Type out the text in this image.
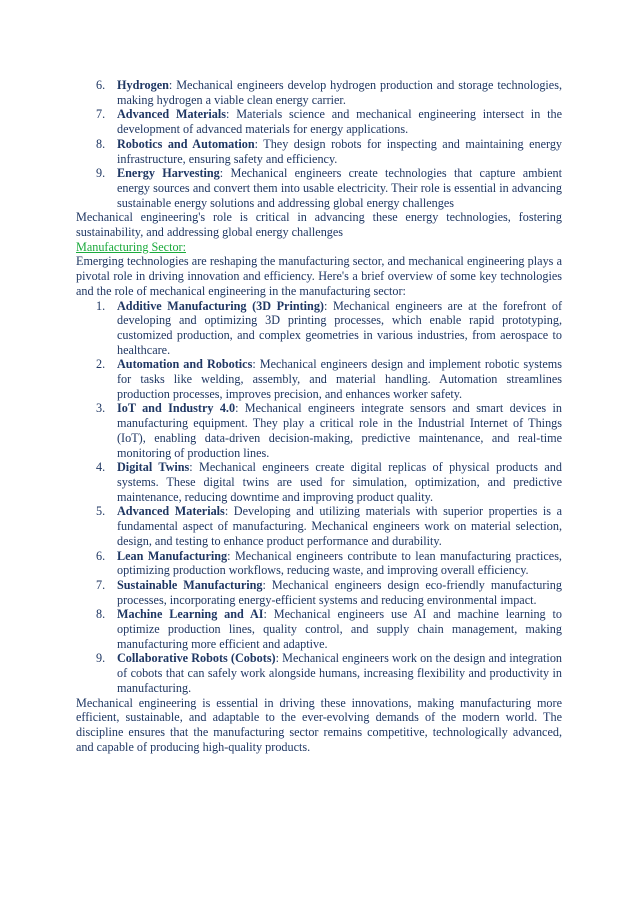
6. Hydrogen: Mechanical engineers develop hydrogen production and storage technologies, making hydrogen a viable clean energy carrier.
7. Advanced Materials: Materials science and mechanical engineering intersect in the development of advanced materials for energy applications.
8. Robotics and Automation: They design robots for inspecting and maintaining energy infrastructure, ensuring safety and efficiency.
9. Energy Harvesting: Mechanical engineers create technologies that capture ambient energy sources and convert them into usable electricity. Their role is essential in advancing sustainable energy solutions and addressing global energy challenges

Mechanical engineering's role is critical in advancing these energy technologies, fostering sustainability, and addressing global energy challenges

Manufacturing Sector:

Emerging technologies are reshaping the manufacturing sector, and mechanical engineering plays a pivotal role in driving innovation and efficiency. Here's a brief overview of some key technologies and the role of mechanical engineering in the manufacturing sector:

1. Additive Manufacturing (3D Printing): Mechanical engineers are at the forefront of developing and optimizing 3D printing processes, which enable rapid prototyping, customized production, and complex geometries in various industries, from aerospace to healthcare.
2. Automation and Robotics: Mechanical engineers design and implement robotic systems for tasks like welding, assembly, and material handling. Automation streamlines production processes, improves precision, and enhances worker safety.
3. IoT and Industry 4.0: Mechanical engineers integrate sensors and smart devices in manufacturing equipment. They play a critical role in the Industrial Internet of Things (IoT), enabling data-driven decision-making, predictive maintenance, and real-time monitoring of production lines.
4. Digital Twins: Mechanical engineers create digital replicas of physical products and systems. These digital twins are used for simulation, optimization, and predictive maintenance, reducing downtime and improving product quality.
5. Advanced Materials: Developing and utilizing materials with superior properties is a fundamental aspect of manufacturing. Mechanical engineers work on material selection, design, and testing to enhance product performance and durability.
6. Lean Manufacturing: Mechanical engineers contribute to lean manufacturing practices, optimizing production workflows, reducing waste, and improving overall efficiency.
7. Sustainable Manufacturing: Mechanical engineers design eco-friendly manufacturing processes, incorporating energy-efficient systems and reducing environmental impact.
8. Machine Learning and AI: Mechanical engineers use AI and machine learning to optimize production lines, quality control, and supply chain management, making manufacturing more efficient and adaptive.
9. Collaborative Robots (Cobots): Mechanical engineers work on the design and integration of cobots that can safely work alongside humans, increasing flexibility and productivity in manufacturing.

Mechanical engineering is essential in driving these innovations, making manufacturing more efficient, sustainable, and adaptable to the ever-evolving demands of the modern world. The discipline ensures that the manufacturing sector remains competitive, technologically advanced, and capable of producing high-quality products.
